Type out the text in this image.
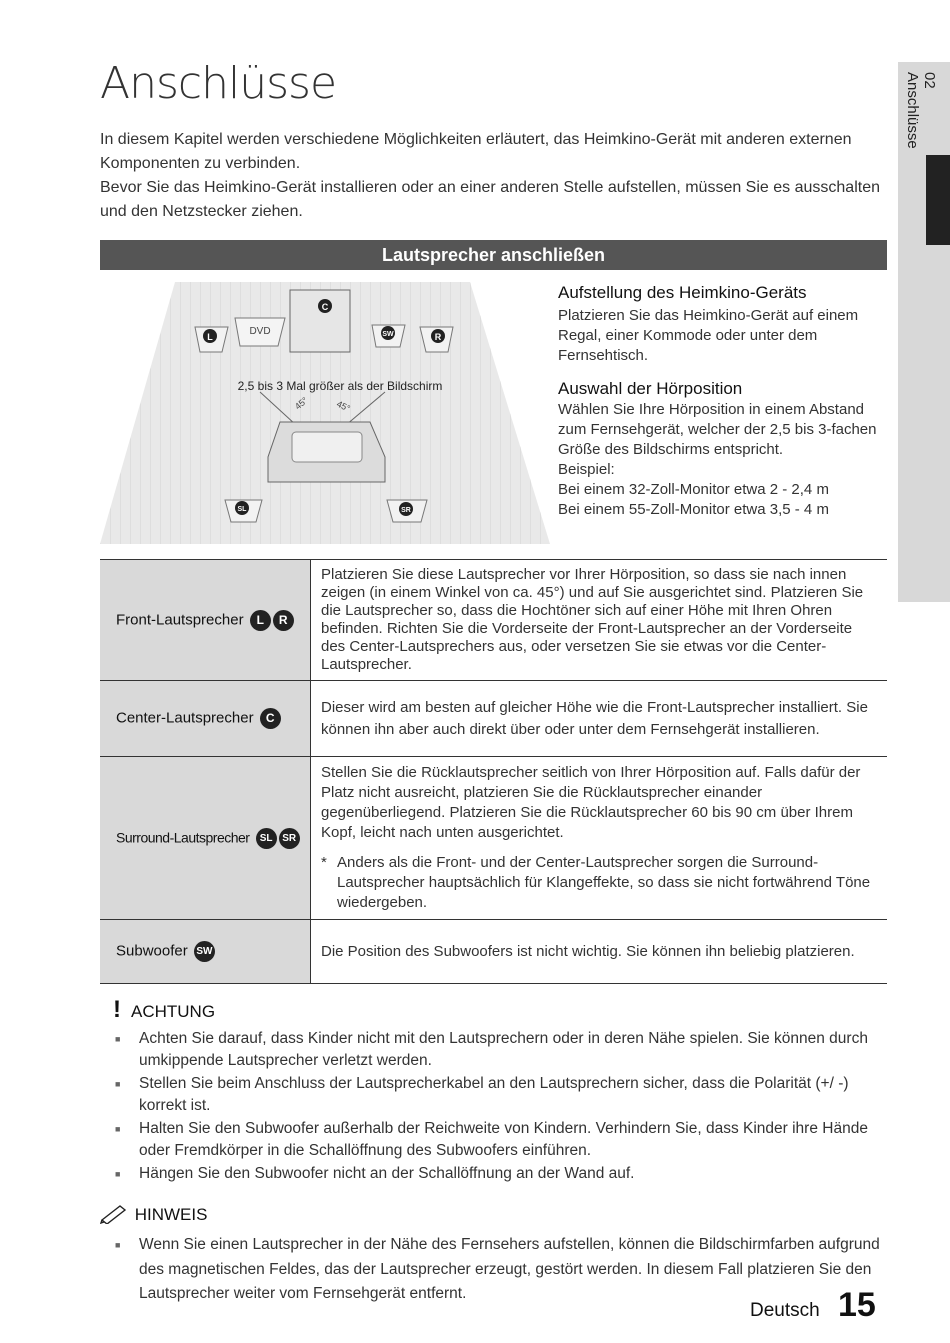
02
Anschlüsse
Anschlüsse
In diesem Kapitel werden verschiedene Möglichkeiten erläutert, das Heimkino-Gerät mit anderen externen
Komponenten zu verbinden.
Bevor Sie das Heimkino-Gerät installieren oder an einer anderen Stelle aufstellen, müssen Sie es ausschalten
und den Netzstecker ziehen.
Lautsprecher anschließen
DVD
C
L	SW	R
2,5 bis 3 Mal größer als der Bildschirm
45°	45°
SL	SR
Aufstellung des Heimkino-Geräts
Platzieren Sie das Heimkino-Gerät auf einem
Regal, einer Kommode oder unter dem
Fernsehtisch.
Auswahl der Hörposition
Wählen Sie Ihre Hörposition in einem Abstand
zum Fernsehgerät, welcher der 2,5 bis 3-fachen
Größe des Bildschirms entspricht.
Beispiel:
Bei einem 32-Zoll-Monitor etwa 2 - 2,4 m
Bei einem 55-Zoll-Monitor etwa 3,5 - 4 m
Front-Lautsprecher L R	Platzieren Sie diese Lautsprecher vor Ihrer Hörposition, so dass sie nach innen zeigen (in einem Winkel von ca. 45°) und auf Sie ausgerichtet sind. Platzieren Sie die Lautsprecher so, dass die Hochtöner sich auf einer Höhe mit Ihren Ohren befinden. Richten Sie die Vorderseite der Front-Lautsprecher an der Vorderseite des Center-Lautsprechers aus, oder versetzen Sie sie etwas vor die Center-Lautsprecher.
Center-Lautsprecher C	Dieser wird am besten auf gleicher Höhe wie die Front-Lautsprecher installiert. Sie können ihn aber auch direkt über oder unter dem Fernsehgerät installieren.
Surround-Lautsprecher SL SR	Stellen Sie die Rücklautsprecher seitlich von Ihrer Hörposition auf. Falls dafür der Platz nicht ausreicht, platzieren Sie die Rücklautsprecher einander gegenüberliegend. Platzieren Sie die Rücklautsprecher 60 bis 90 cm über Ihrem Kopf, leicht nach unten ausgerichtet.
* Anders als die Front- und der Center-Lautsprecher sorgen die Surround-Lautsprecher hauptsächlich für Klangeffekte, so dass sie nicht fortwährend Töne wiedergeben.

Subwoofer SW	Die Position des Subwoofers ist nicht wichtig. Sie können ihn beliebig platzieren.
! ACHTUNG
■ Achten Sie darauf, dass Kinder nicht mit den Lautsprechern oder in deren Nähe spielen. Sie können durch umkippende Lautsprecher verletzt werden.
■ Stellen Sie beim Anschluss der Lautsprecherkabel an den Lautsprechern sicher, dass die Polarität (+/ -) korrekt ist.
■ Halten Sie den Subwoofer außerhalb der Reichweite von Kindern. Verhindern Sie, dass Kinder ihre Hände oder Fremdkörper in die Schallöffnung des Subwoofers einführen.
■ Hängen Sie den Subwoofer nicht an der Schallöffnung an der Wand auf.
HINWEIS
■ Wenn Sie einen Lautsprecher in der Nähe des Fernsehers aufstellen, können die Bildschirmfarben aufgrund des magnetischen Feldes, das der Lautsprecher erzeugt, gestört werden. In diesem Fall platzieren Sie den Lautsprecher weiter vom Fernsehgerät entfernt.
Deutsch 15
